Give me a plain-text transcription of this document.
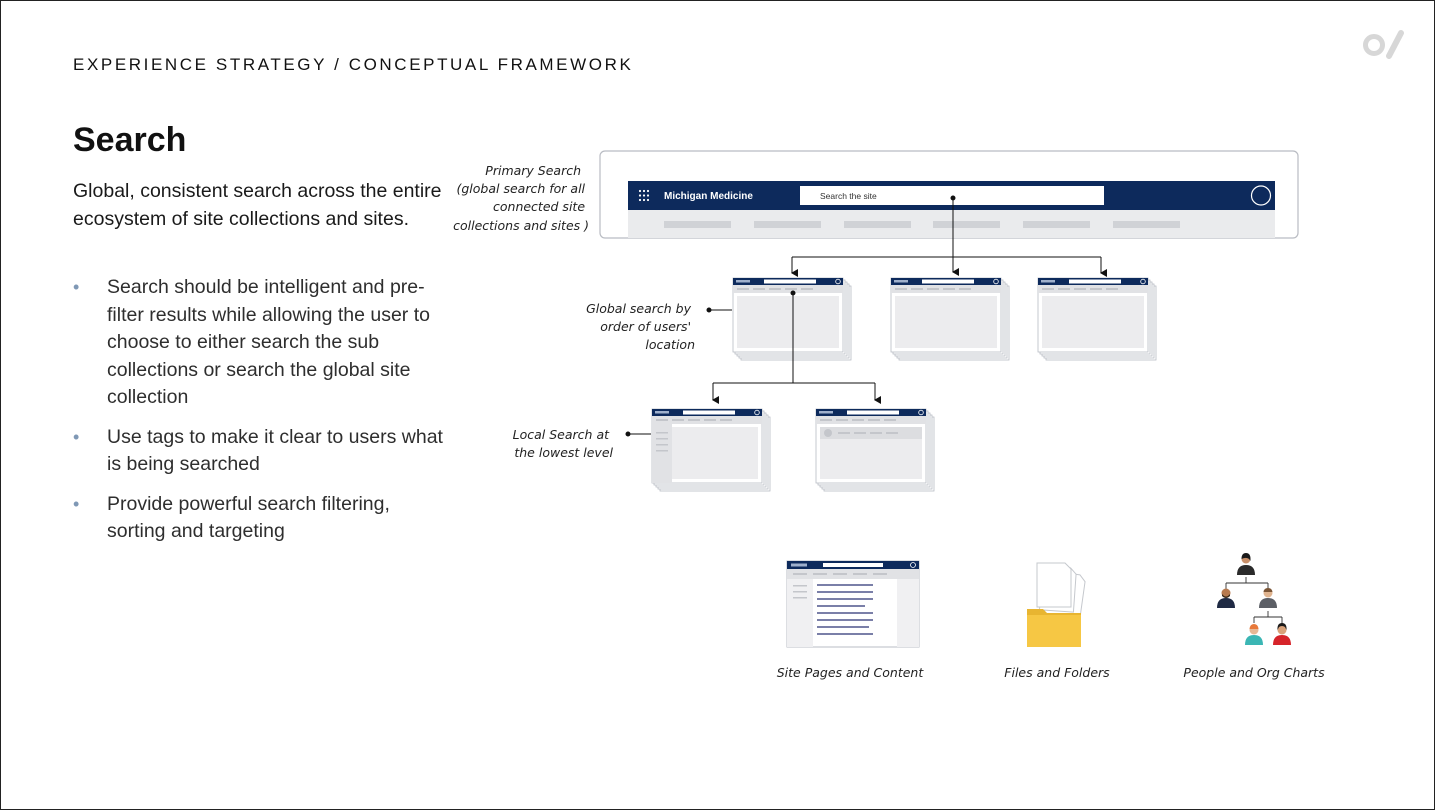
EXPERIENCE STRATEGY / CONCEPTUAL FRAMEWORK
Search

Global, consistent search across the entire ecosystem of site collections and sites.

• Search should be intelligent and pre-filter results while allowing the user to choose to either search the sub collections or search the global site collection
• Use tags to make it clear to users what is being searched
• Provide powerful search filtering, sorting and targeting
Michigan Medicine	Search the site
Primary Search (global search for all connected site collections and sites )
Global search by order of users' location
Local Search at the lowest level
Site Pages and Content	Files and Folders	People and Org Charts
